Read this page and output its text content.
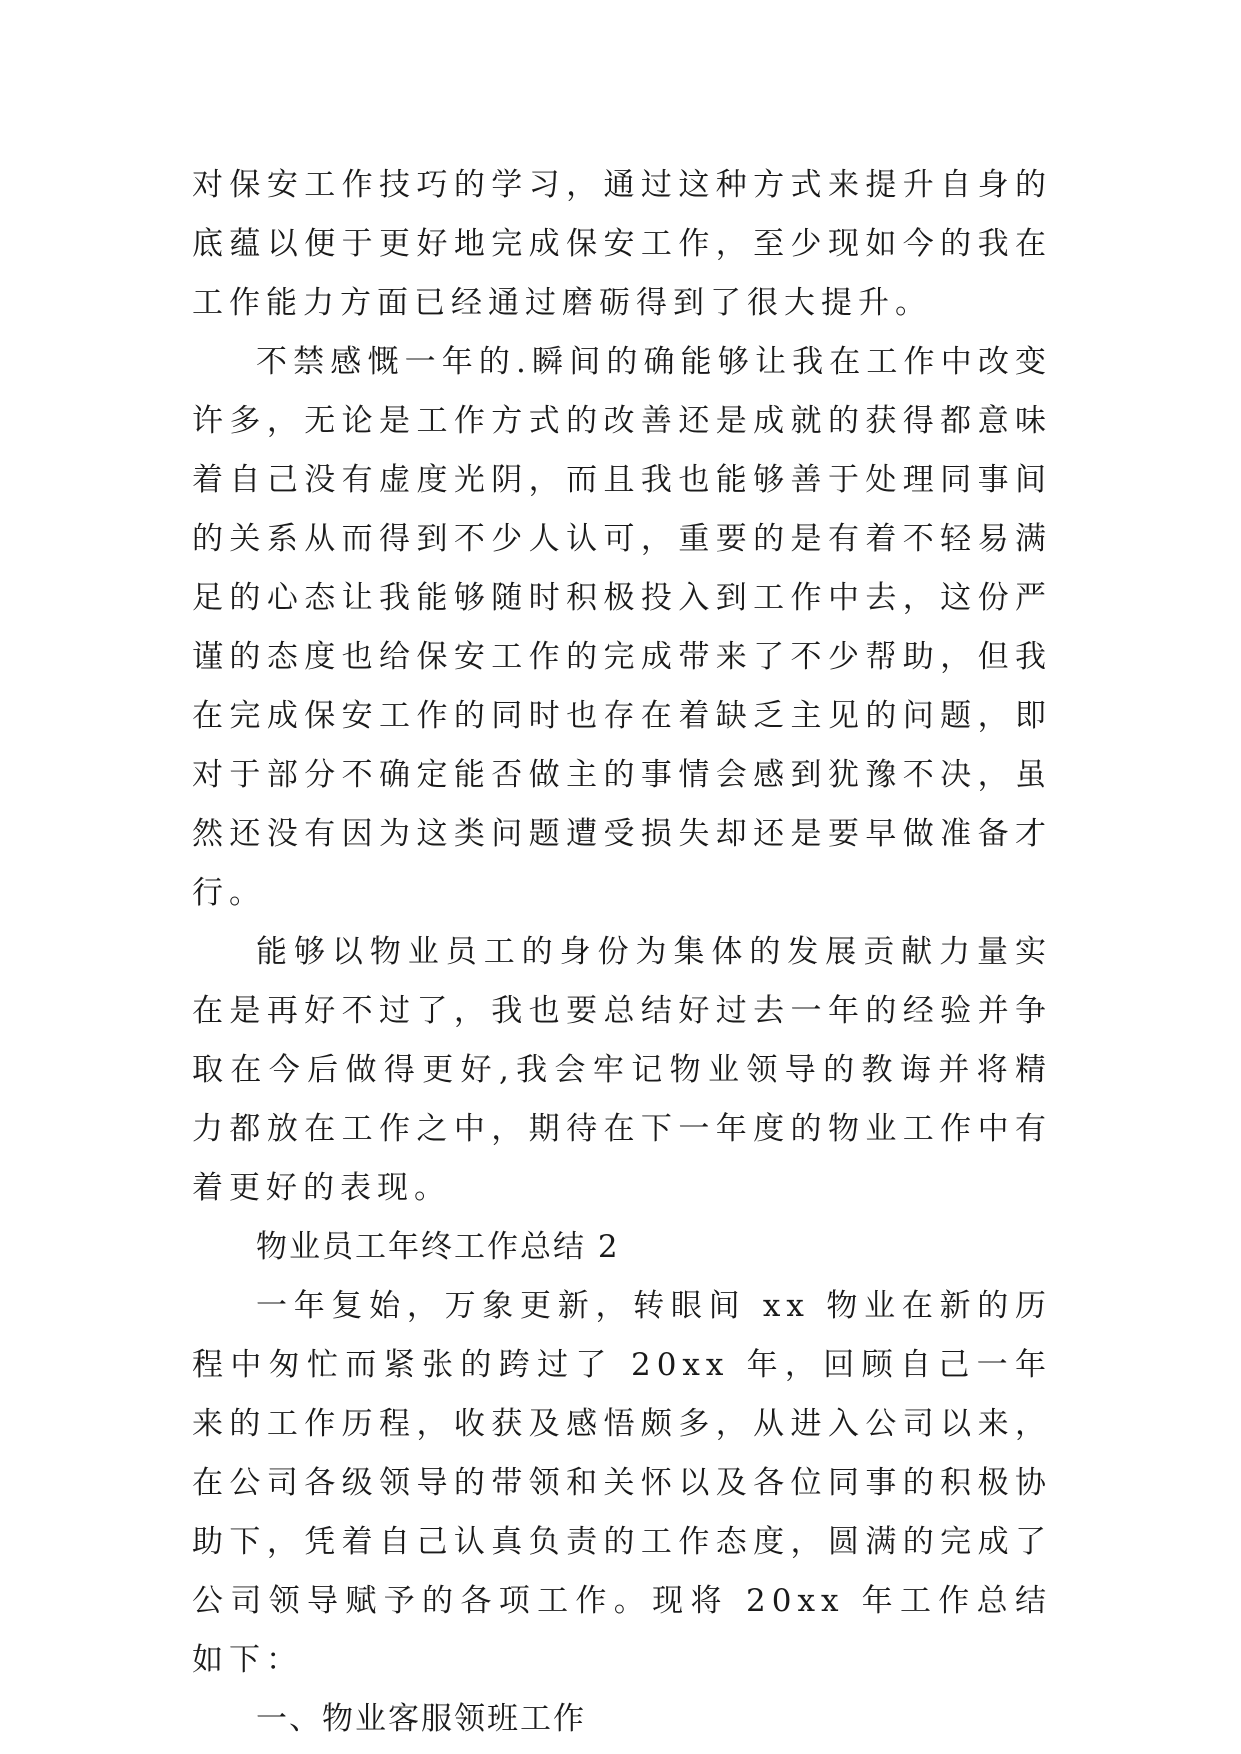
对保安工作技巧的学习，通过这种方式来提升自身的底蕴以便于更好地完成保安工作，至少现如今的我在工作能力方面已经通过磨砺得到了很大提升。

不禁感慨一年的.瞬间的确能够让我在工作中改变许多，无论是工作方式的改善还是成就的获得都意味着自己没有虚度光阴，而且我也能够善于处理同事间的关系从而得到不少人认可，重要的是有着不轻易满足的心态让我能够随时积极投入到工作中去，这份严谨的态度也给保安工作的完成带来了不少帮助，但我在完成保安工作的同时也存在着缺乏主见的问题，即对于部分不确定能否做主的事情会感到犹豫不决，虽然还没有因为这类问题遭受损失却还是要早做准备才行。

能够以物业员工的身份为集体的发展贡献力量实在是再好不过了，我也要总结好过去一年的经验并争取在今后做得更好,我会牢记物业领导的教诲并将精力都放在工作之中，期待在下一年度的物业工作中有着更好的表现。

物业员工年终工作总结 2

一年复始，万象更新，转眼间 xx 物业在新的历程中匆忙而紧张的跨过了 20xx 年，回顾自己一年来的工作历程，收获及感悟颇多，从进入公司以来，在公司各级领导的带领和关怀以及各位同事的积极协助下，凭着自己认真负责的工作态度，圆满的完成了公司领导赋予的各项工作。现将 20xx 年工作总结如下：

一、物业客服领班工作
